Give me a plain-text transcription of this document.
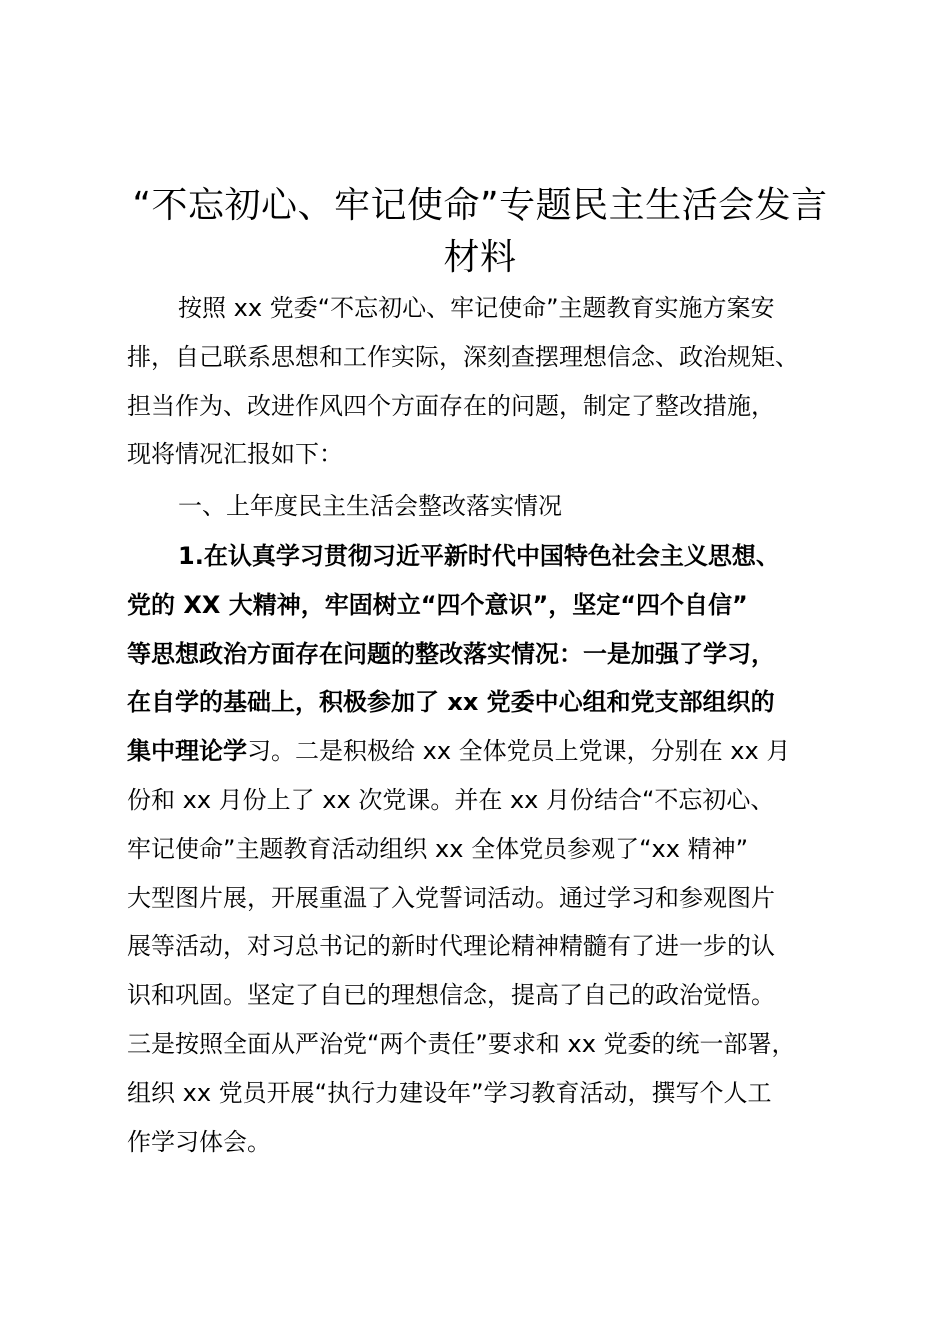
“不忘初心、牢记使命”专题民主生活会发言
材料
按照 xx 党委“不忘初心、牢记使命”主题教育实施方案安
排，自己联系思想和工作实际，深刻查摆理想信念、政治规矩、
担当作为、改进作风四个方面存在的问题，制定了整改措施，
现将情况汇报如下：
一、上年度民主生活会整改落实情况
1.在认真学习贯彻习近平新时代中国特色社会主义思想、
党的 XX 大精神，牢固树立“四个意识”，坚定“四个自信”
等思想政治方面存在问题的整改落实情况：一是加强了学习，
在自学的基础上，积极参加了 xx 党委中心组和党支部组织的
集中理论学习。二是积极给 xx 全体党员上党课，分别在 xx 月
份和 xx 月份上了 xx 次党课。并在 xx 月份结合“不忘初心、
牢记使命”主题教育活动组织 xx 全体党员参观了“xx 精神”
大型图片展，开展重温了入党誓词活动。通过学习和参观图片
展等活动，对习总书记的新时代理论精神精髓有了进一步的认
识和巩固。坚定了自已的理想信念，提高了自己的政治觉悟。
三是按照全面从严治党“两个责任”要求和 xx 党委的统一部署，
组织 xx 党员开展“执行力建设年”学习教育活动，撰写个人工
作学习体会。
